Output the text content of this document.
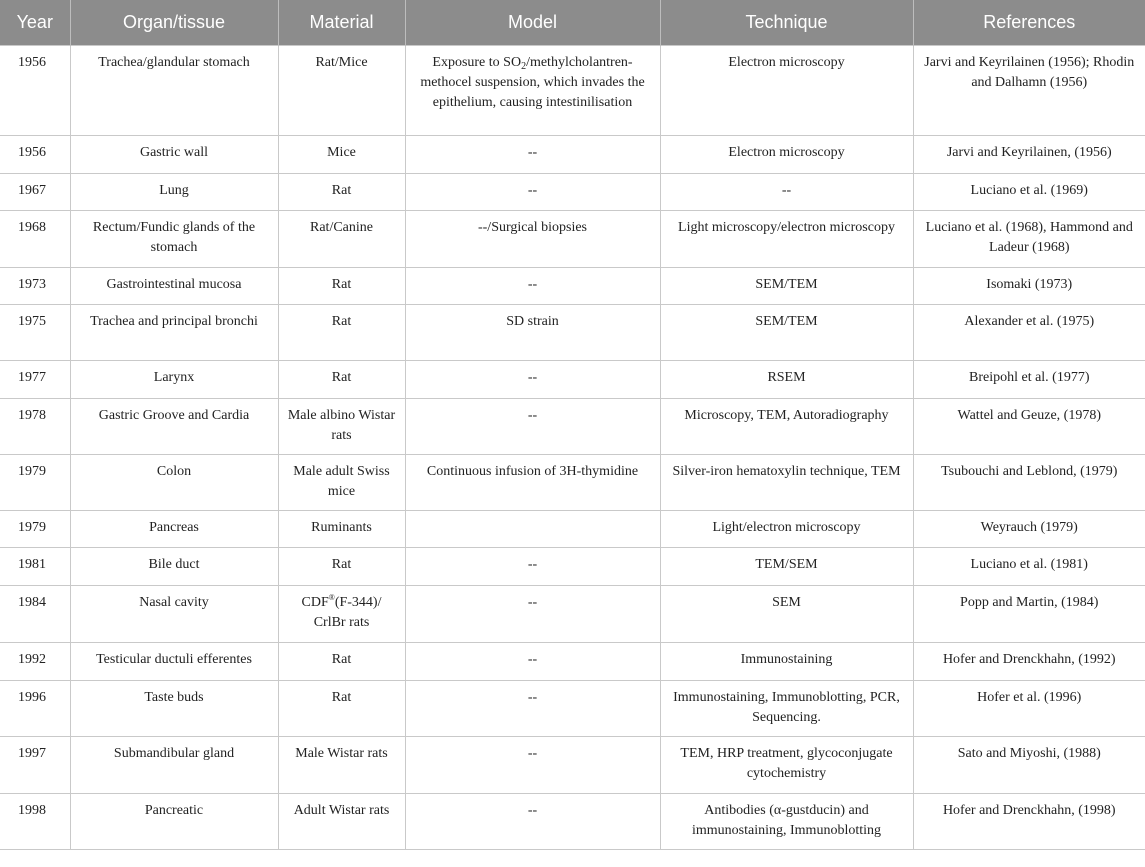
Year	Organ/tissue	Material	Model	Technique	References
1956	Trachea/glandular stomach	Rat/Mice	Exposure to $SO_2/methylcholantren$-methocel suspension, which invades the epithelium, causing intestinilisation	Electron microscopy	Jarvi and Keyrilainen (1956); Rhodin and Dalhamn (1956)
1956	Gastric wall	Mice	--	Electron microscopy	Jarvi and Keyrilainen, (1956)
1967	Lung	Rat	--	--	Luciano et al. (1969)
1968	Rectum/Fundic glands of the stomach	Rat/Canine	--/Surgical biopsies	Light microscopy/electron microscopy	Luciano et al. (1968), Hammond and Ladeur (1968)
1973	Gastrointestinal mucosa	Rat	--	SEM/TEM	Isomaki (1973)
1975	Trachea and principal bronchi	Rat	SD strain	SEM/TEM	Alexander et al. (1975)
1977	Larynx	Rat	--	RSEM	Breipohl et al. (1977)
1978	Gastric Groove and Cardia	Male albino Wistar rats	--	Microscopy, TEM, Autoradiography	Wattel and Geuze, (1978)
1979	Colon	Male adult Swiss mice	Continuous infusion of 3H-thymidine	Silver-iron hematoxylin technique, TEM	Tsubouchi and Leblond, (1979)
1979	Pancreas	Ruminants		Light/electron microscopy	Weyrauch (1979)
1981	Bile duct	Rat	--	TEM/SEM	Luciano et al. (1981)
1984	Nasal cavity	CDF®(F-344)/ CrlBr rats	--	SEM	Popp and Martin, (1984)
1992	Testicular ductuli efferentes	Rat	--	Immunostaining	Hofer and Drenckhahn, (1992)
1996	Taste buds	Rat	--	Immunostaining, Immunoblotting, PCR, Sequencing.	Hofer et al. (1996)
1997	Submandibular gland	Male Wistar rats	--	TEM, HRP treatment, glycoconjugate cytochemistry	Sato and Miyoshi, (1988)
1998	Pancreatic	Adult Wistar rats	--	Antibodies (α-gustducin) and immunostaining, Immunoblotting	Hofer and Drenckhahn, (1998)
